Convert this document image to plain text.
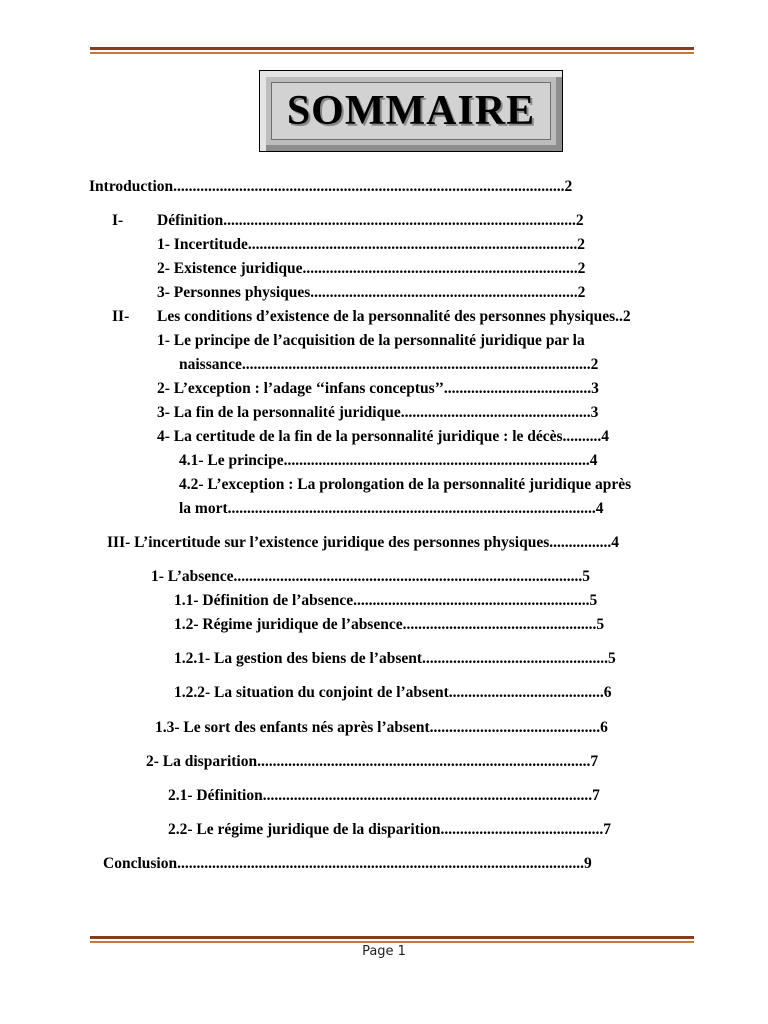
SOMMAIRE
Introduction.....................................................................................................2
I- Définition...........................................................................................2
1- Incertitude.....................................................................................2
2- Existence juridique.......................................................................2
3- Personnes physiques.....................................................................2
II- Les conditions d’existence de la personnalité des personnes physiques..2
1- Le principe de l’acquisition de la personnalité juridique par la
naissance..........................................................................................2
2- L’exception : l’adage ‘‘infans conceptus’’......................................3
3- La fin de la personnalité juridique.................................................3
4- La certitude de la fin de la personnalité juridique : le décès..........4
4.1- Le principe...............................................................................4
4.2- L’exception : La prolongation de la personnalité juridique après
la mort...............................................................................................4
III- L’incertitude sur l’existence juridique des personnes physiques................4
1- L’absence..........................................................................................5
1.1- Définition de l’absence.............................................................5
1.2- Régime juridique de l’absence..................................................5
1.2.1- La gestion des biens de l’absent................................................5
1.2.2- La situation du conjoint de l’absent........................................6
1.3- Le sort des enfants nés après l’absent............................................6
2- La disparition......................................................................................7
2.1- Définition.....................................................................................7
2.2- Le régime juridique de la disparition..........................................7
Conclusion.........................................................................................................9
Page 1
